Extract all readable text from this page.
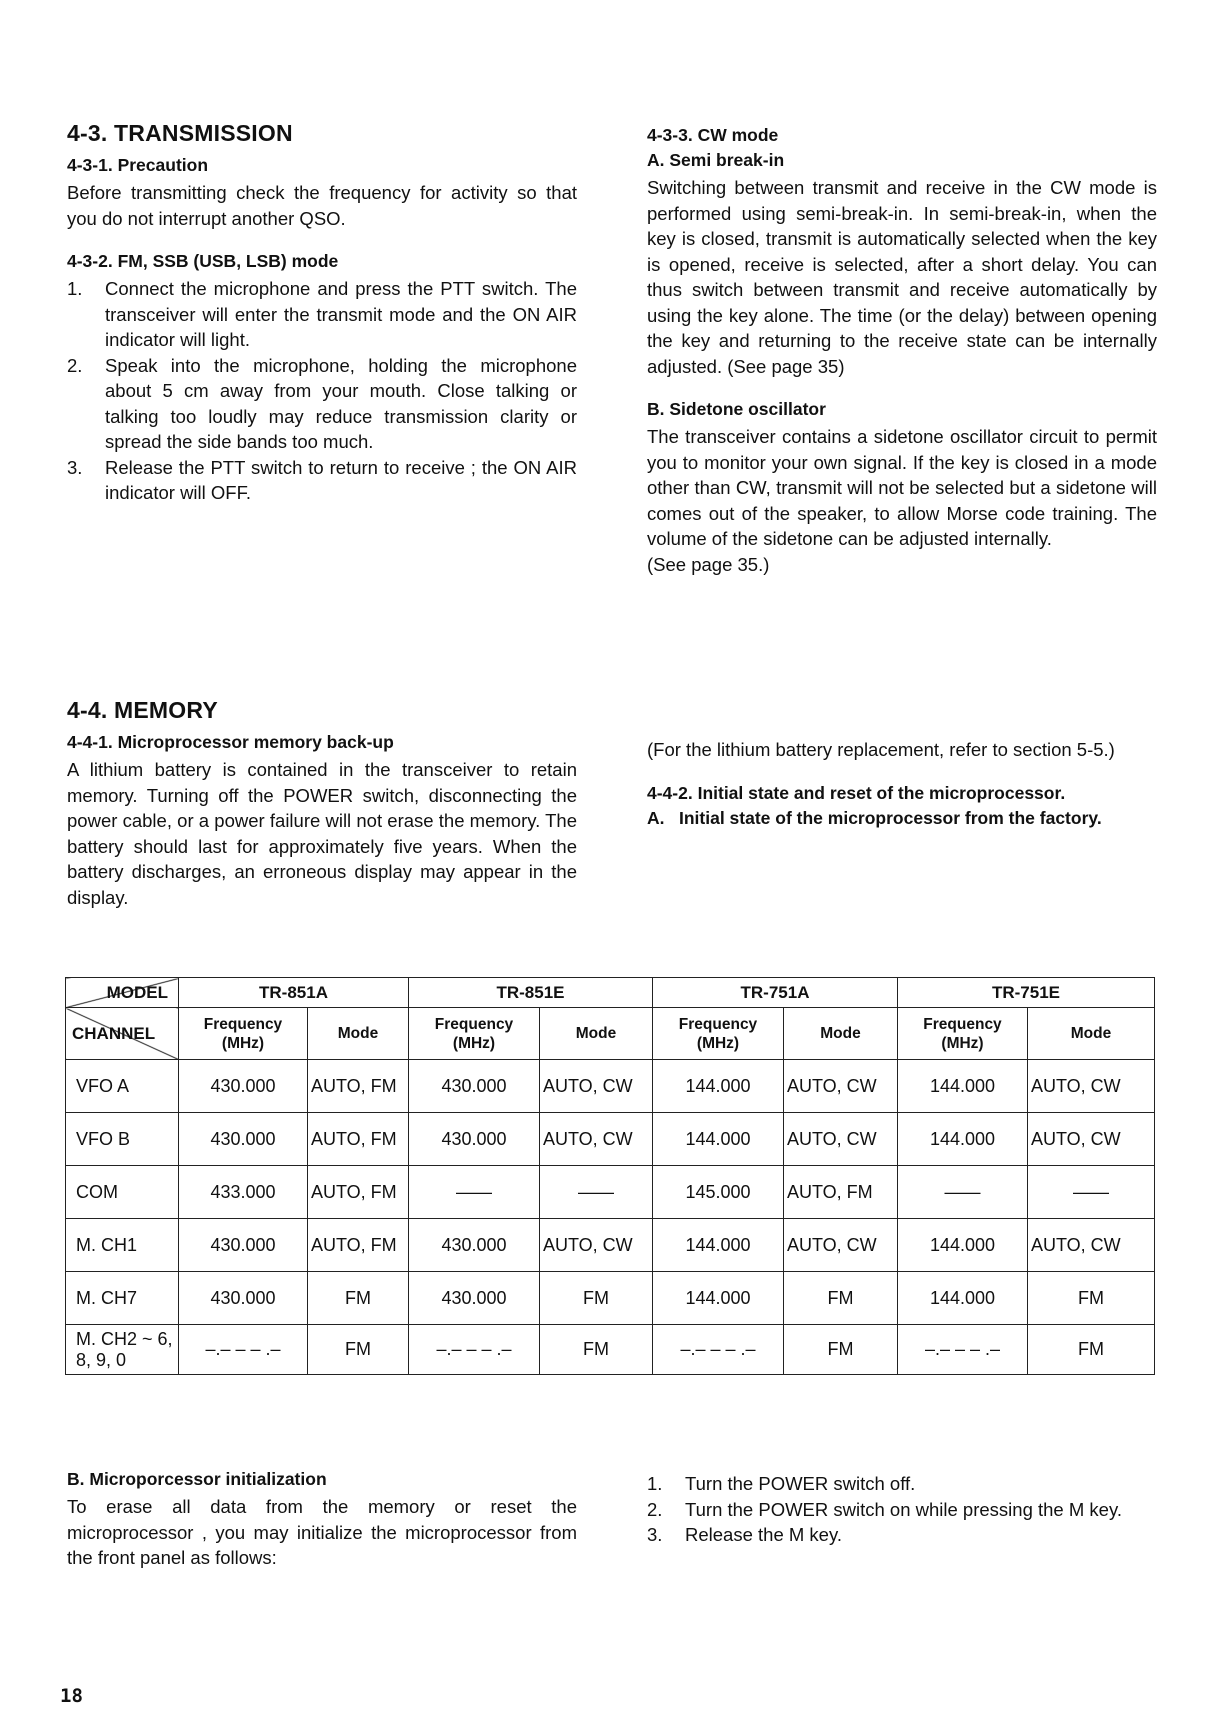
4-3. TRANSMISSION
4-3-1. Precaution

Before transmitting check the frequency for activity so that you do not interrupt another QSO.

4-3-2. FM, SSB (USB, LSB) mode
1. Connect the microphone and press the PTT switch. The transceiver will enter the transmit mode and the ON AIR indicator will light.
2. Speak into the microphone, holding the microphone about 5 cm away from your mouth. Close talking or talking too loudly may reduce transmission clarity or spread the side bands too much.
3. Release the PTT switch to return to receive ; the ON AIR indicator will OFF.
4-3-3. CW mode
A. Semi break-in

Switching between transmit and receive in the CW mode is performed using semi-break-in. In semi-break-in, when the key is closed, transmit is automatically selected when the key is opened, receive is selected, after a short delay. You can thus switch between transmit and receive automatically by using the key alone. The time (or the delay) between opening the key and returning to the receive state can be internally adjusted. (See page 35)

B. Sidetone oscillator

The transceiver contains a sidetone oscillator circuit to permit you to monitor your own signal. If the key is closed in a mode other than CW, transmit will not be selected but a sidetone will comes out of the speaker, to allow Morse code training. The volume of the sidetone can be adjusted internally.

(See page 35.)

4-4. MEMORY
4-4-1. Microprocessor memory back-up

A lithium battery is contained in the transceiver to retain memory. Turning off the POWER switch, disconnecting the power cable, or a power failure will not erase the memory. The battery should last for approximately five years. When the battery discharges, an erroneous display may appear in the display.

(For the lithium battery replacement, refer to section 5-5.)

4-4-2. Initial state and reset of the microprocessor.
A. Initial state of the microprocessor from the factory.
MODEL	TR-851A		TR-851E		TR-751A		TR-751E	
CHANNEL	Frequency (MHz)	Mode	Frequency (MHz)	Mode	Frequency (MHz)	Mode	Frequency (MHz)	Mode
VFO A	430.000	AUTO, FM	430.000	AUTO, CW	144.000	AUTO, CW	144.000	AUTO, CW
VFO B	430.000	AUTO, FM	430.000	AUTO, CW	144.000	AUTO, CW	144.000	AUTO, CW
COM	433.000	AUTO, FM	——	——	145.000	AUTO, FM	——	——
M. CH1	430.000	AUTO, FM	430.000	AUTO, CW	144.000	AUTO, CW	144.000	AUTO, CW
M. CH7	430.000	FM	430.000	FM	144.000	FM	144.000	FM
M. CH2 ~ 6, 8, 9, 0	–.– – – .–	FM	–.– – – .–	FM	–.– – – .–	FM	–.– – – .–	FM
B. Microporcessor initialization

To erase all data from the memory or reset the microprocessor , you may initialize the microprocessor from the front panel as follows:

1. Turn the POWER switch off.
2. Turn the POWER switch on while pressing the M key.
3. Release the M key.
18
